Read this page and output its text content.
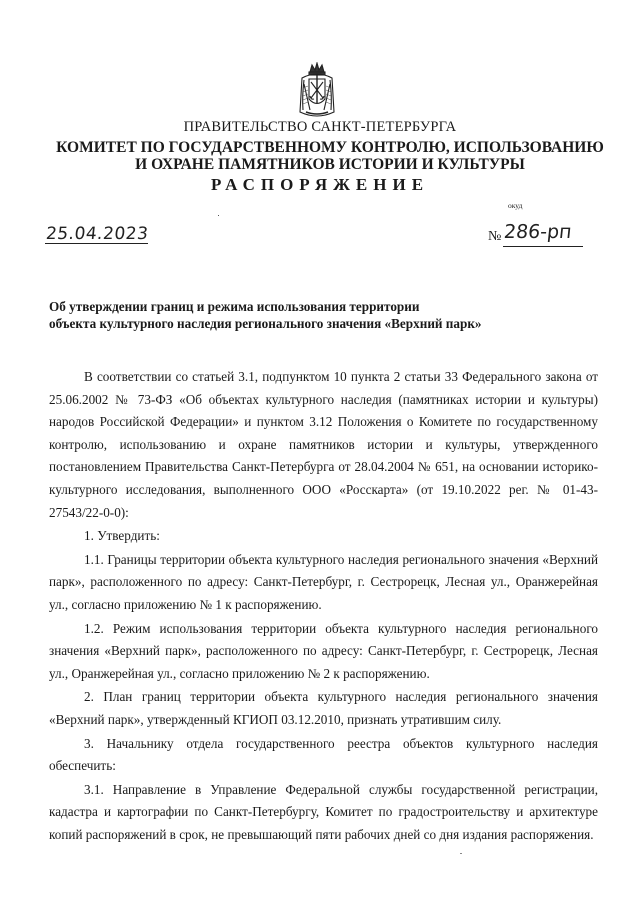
ПРАВИТЕЛЬСТВО САНКТ-ПЕТЕРБУРГА
КОМИТЕТ ПО ГОСУДАРСТВЕННОМУ КОНТРОЛЮ, ИСПОЛЬЗОВАНИЮ
И ОХРАНЕ ПАМЯТНИКОВ ИСТОРИИ И КУЛЬТУРЫ
РАСПОРЯЖЕНИЕ
окуд
25.04.2023	№ 286-рп
Об утверждении границ и режима использования территории
объекта культурного наследия регионального значения «Верхний парк»

В соответствии со статьей 3.1, подпунктом 10 пункта 2 статьи 33 Федерального закона от 25.06.2002 № 73-ФЗ «Об объектах культурного наследия (памятниках истории и культуры) народов Российской Федерации» и пунктом 3.12 Положения о Комитете по государственному контролю, использованию и охране памятников истории и культуры, утвержденного постановлением Правительства Санкт-Петербурга от 28.04.2004 № 651, на основании историко-культурного исследования, выполненного ООО «Росскарта» (от 19.10.2022 рег. № 01-43-27543/22-0-0):

1. Утвердить:

1.1. Границы территории объекта культурного наследия регионального значения «Верхний парк», расположенного по адресу: Санкт-Петербург, г. Сестрорецк, Лесная ул., Оранжерейная ул., согласно приложению № 1 к распоряжению.

1.2. Режим использования территории объекта культурного наследия регионального значения «Верхний парк», расположенного по адресу: Санкт-Петербург, г. Сестрорецк, Лесная ул., Оранжерейная ул., согласно приложению № 2 к распоряжению.

2. План границ территории объекта культурного наследия регионального значения «Верхний парк», утвержденный КГИОП 03.12.2010, признать утратившим силу.

3. Начальнику отдела государственного реестра объектов культурного наследия обеспечить:

3.1. Направление в Управление Федеральной службы государственной регистрации, кадастра и картографии по Санкт-Петербургу, Комитет по градостроительству и архитектуре копий распоряжений в срок, не превышающий пяти рабочих дней со дня издания распоряжения.
